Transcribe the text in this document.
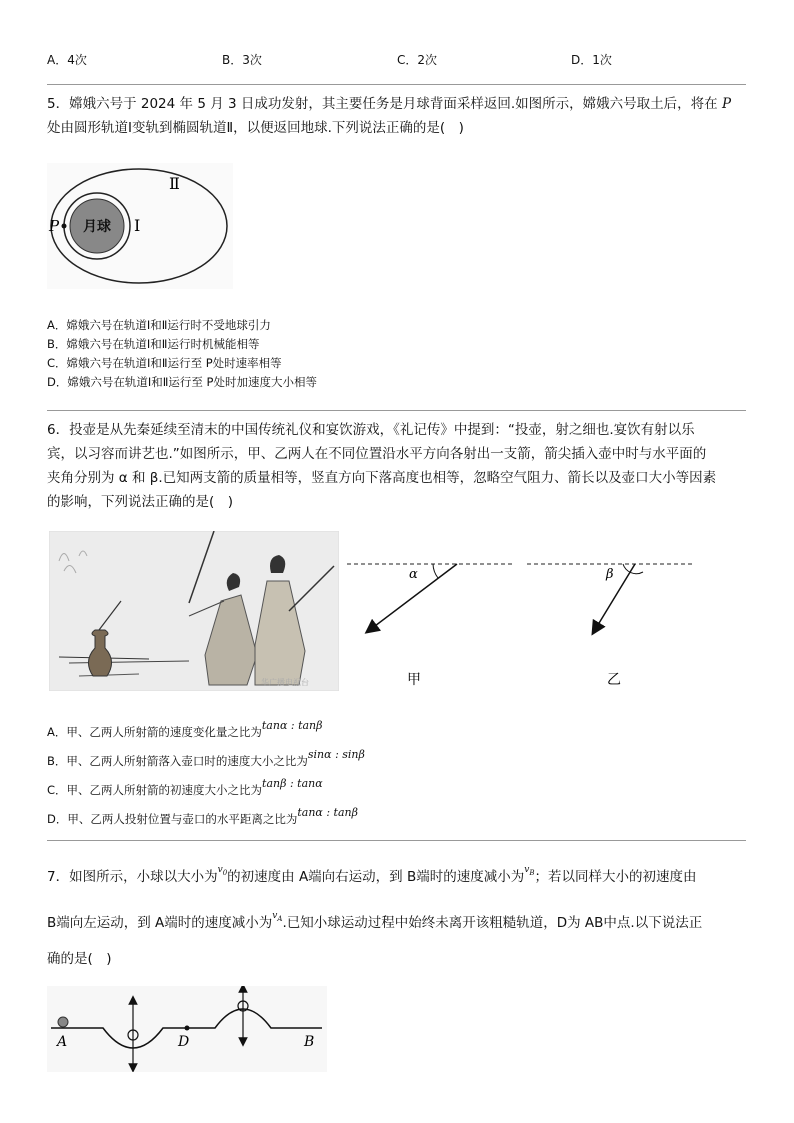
A．4次	B．3次	C．2次	D．1次
5．嫦娥六号于 2024 年 5 月 3 日成功发射，其主要任务是月球背面采样返回.如图所示，嫦娥六号取土后，将在 P
处由圆形轨道Ⅰ变轨到椭圆轨道Ⅱ，以便返回地球.下列说法正确的是(　)
P 月球 I
Ⅱ
A．嫦娥六号在轨道Ⅰ和Ⅱ运行时不受地球引力
B．嫦娥六号在轨道Ⅰ和Ⅱ运行时机械能相等
C．嫦娥六号在轨道Ⅰ和Ⅱ运行至 P处时速率相等
D．嫦娥六号在轨道Ⅰ和Ⅱ运行至 P处时加速度大小相等
6．投壶是从先秦延续至清末的中国传统礼仪和宴饮游戏，《礼记传》中提到：“投壶，射之细也.宴饮有射以乐
宾，以习容而讲艺也.”如图所示，甲、乙两人在不同位置沿水平方向各射出一支箭，箭尖插入壶中时与水平面的
夹角分别为 α 和 β.已知两支箭的质量相等，竖直方向下落高度也相等，忽略空气阻力、箭长以及壶口大小等因素
的影响，下列说法正确的是(　)
华广播电视台
α
甲
β
乙
A．甲、乙两人所射箭的速度变化量之比为tanα : tanβ
B．甲、乙两人所射箭落入壶口时的速度大小之比为sinα : sinβ
C．甲、乙两人所射箭的初速度大小之比为tanβ : tanα
D．甲、乙两人投射位置与壶口的水平距离之比为tanα : tanβ
7．如图所示，小球以大小为$^{v_0}$的初速度由 A端向右运动，到 B端时的速度减小为$^{v_B}$；若以同样大小的初速度由
B端向左运动，到 A端时的速度减小为$^{v_A}$.已知小球运动过程中始终未离开该粗糙轨道，D为 AB中点.以下说法正
确的是(　)
A	D	B
